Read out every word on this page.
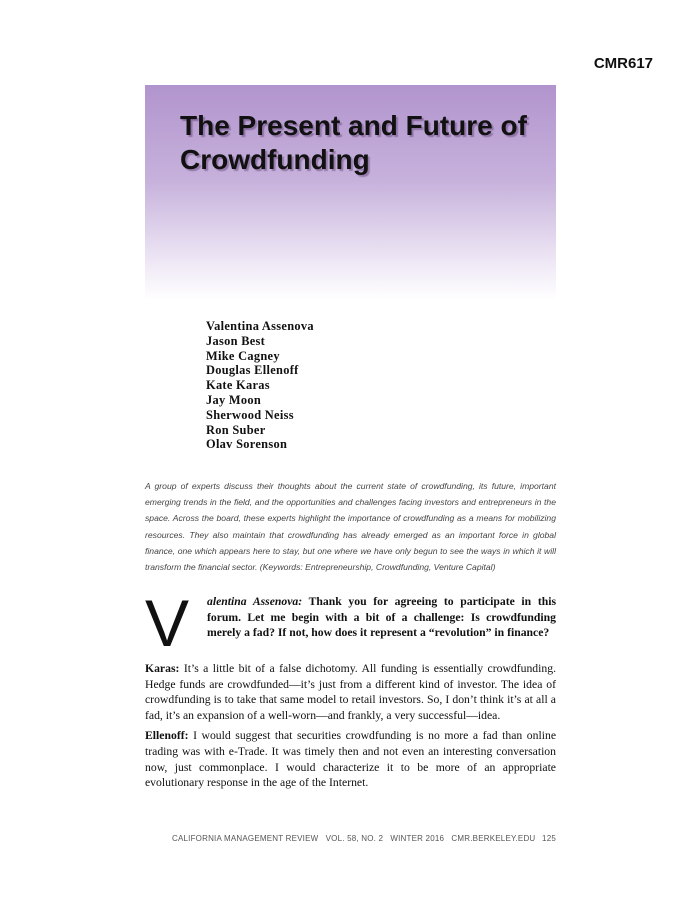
CMR617
The Present and Future of Crowdfunding
Valentina Assenova
Jason Best
Mike Cagney
Douglas Ellenoff
Kate Karas
Jay Moon
Sherwood Neiss
Ron Suber
Olav Sorenson

A group of experts discuss their thoughts about the current state of crowdfunding, its future, important emerging trends in the field, and the opportunities and challenges facing investors and entrepreneurs in the space. Across the board, these experts highlight the importance of crowdfunding as a means for mobilizing resources. They also maintain that crowdfunding has already emerged as an important force in global finance, one which appears here to stay, but one where we have only begun to see the ways in which it will transform the financial sector. (Keywords: Entrepreneurship, Crowdfunding, Venture Capital)

V alentina Assenova: Thank you for agreeing to participate in this forum. Let me begin with a bit of a challenge: Is crowdfunding merely a fad? If not, how does it represent a “revolution” in finance?

Karas: It’s a little bit of a false dichotomy. All funding is essentially crowdfunding. Hedge funds are crowdfunded—it’s just from a different kind of investor. The idea of crowdfunding is to take that same model to retail investors. So, I don’t think it’s at all a fad, it’s an expansion of a well-worn—and frankly, a very successful—idea.

Ellenoff: I would suggest that securities crowdfunding is no more a fad than online trading was with e-Trade. It was timely then and not even an interesting conversation now, just commonplace. I would characterize it to be more of an appropriate evolutionary response in the age of the Internet.

CALIFORNIA MANAGEMENT REVIEW   VOL. 58, NO. 2   WINTER 2016   CMR.BERKELEY.EDU 125
